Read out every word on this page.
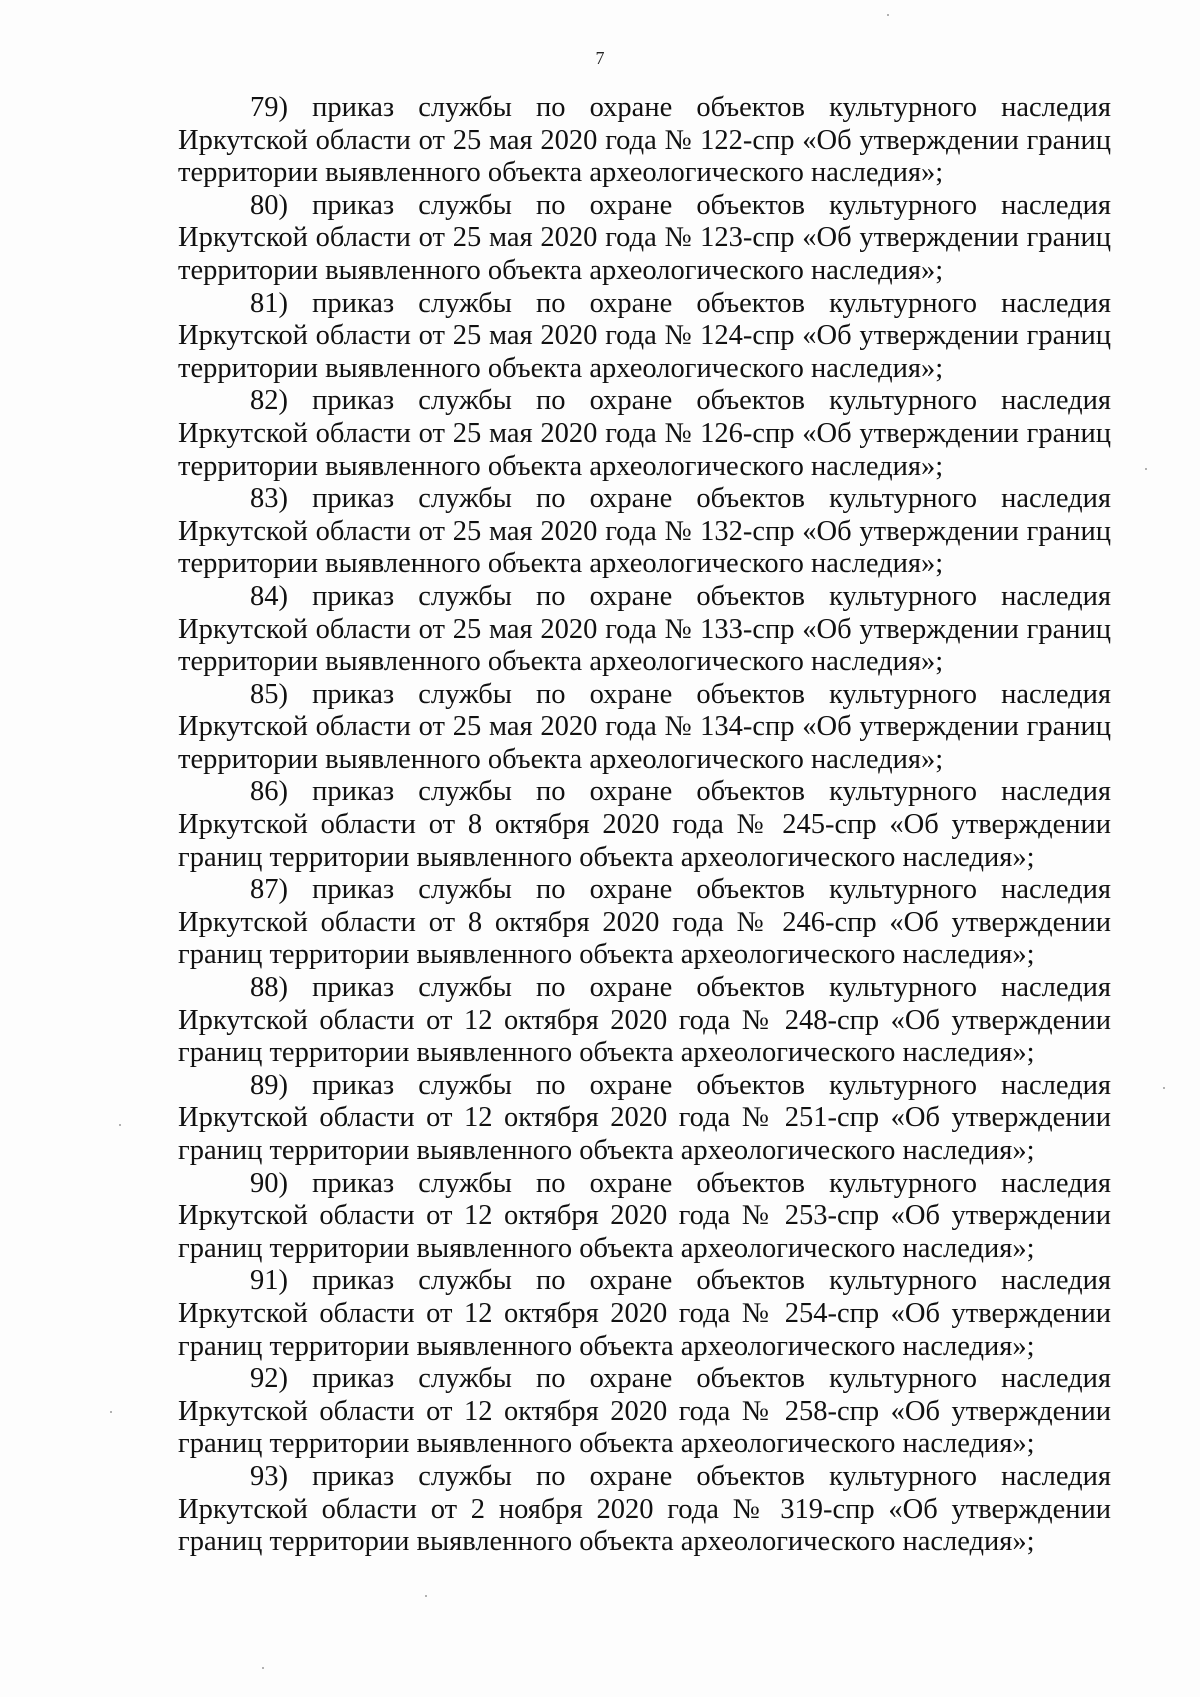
7

79) приказ службы по охране объектов культурного наследия Иркутской области от 25 мая 2020 года № 122-спр «Об утверждении границ территории выявленного объекта археологического наследия»;

80) приказ службы по охране объектов культурного наследия Иркутской области от 25 мая 2020 года № 123-спр «Об утверждении границ территории выявленного объекта археологического наследия»;

81) приказ службы по охране объектов культурного наследия Иркутской области от 25 мая 2020 года № 124-спр «Об утверждении границ территории выявленного объекта археологического наследия»;

82) приказ службы по охране объектов культурного наследия Иркутской области от 25 мая 2020 года № 126-спр «Об утверждении границ территории выявленного объекта археологического наследия»;

83) приказ службы по охране объектов культурного наследия Иркутской области от 25 мая 2020 года № 132-спр «Об утверждении границ территории выявленного объекта археологического наследия»;

84) приказ службы по охране объектов культурного наследия Иркутской области от 25 мая 2020 года № 133-спр «Об утверждении границ территории выявленного объекта археологического наследия»;

85) приказ службы по охране объектов культурного наследия Иркутской области от 25 мая 2020 года № 134-спр «Об утверждении границ территории выявленного объекта археологического наследия»;

86) приказ службы по охране объектов культурного наследия Иркутской области от 8 октября 2020 года № 245-спр «Об утверждении границ территории выявленного объекта археологического наследия»;

87) приказ службы по охране объектов культурного наследия Иркутской области от 8 октября 2020 года № 246-спр «Об утверждении границ территории выявленного объекта археологического наследия»;

88) приказ службы по охране объектов культурного наследия Иркутской области от 12 октября 2020 года № 248-спр «Об утверждении границ территории выявленного объекта археологического наследия»;

89) приказ службы по охране объектов культурного наследия Иркутской области от 12 октября 2020 года № 251-спр «Об утверждении границ территории выявленного объекта археологического наследия»;

90) приказ службы по охране объектов культурного наследия Иркутской области от 12 октября 2020 года № 253-спр «Об утверждении границ территории выявленного объекта археологического наследия»;

91) приказ службы по охране объектов культурного наследия Иркутской области от 12 октября 2020 года № 254-спр «Об утверждении границ территории выявленного объекта археологического наследия»;

92) приказ службы по охране объектов культурного наследия Иркутской области от 12 октября 2020 года № 258-спр «Об утверждении границ территории выявленного объекта археологического наследия»;

93) приказ службы по охране объектов культурного наследия Иркутской области от 2 ноября 2020 года № 319-спр «Об утверждении границ территории выявленного объекта археологического наследия»;
